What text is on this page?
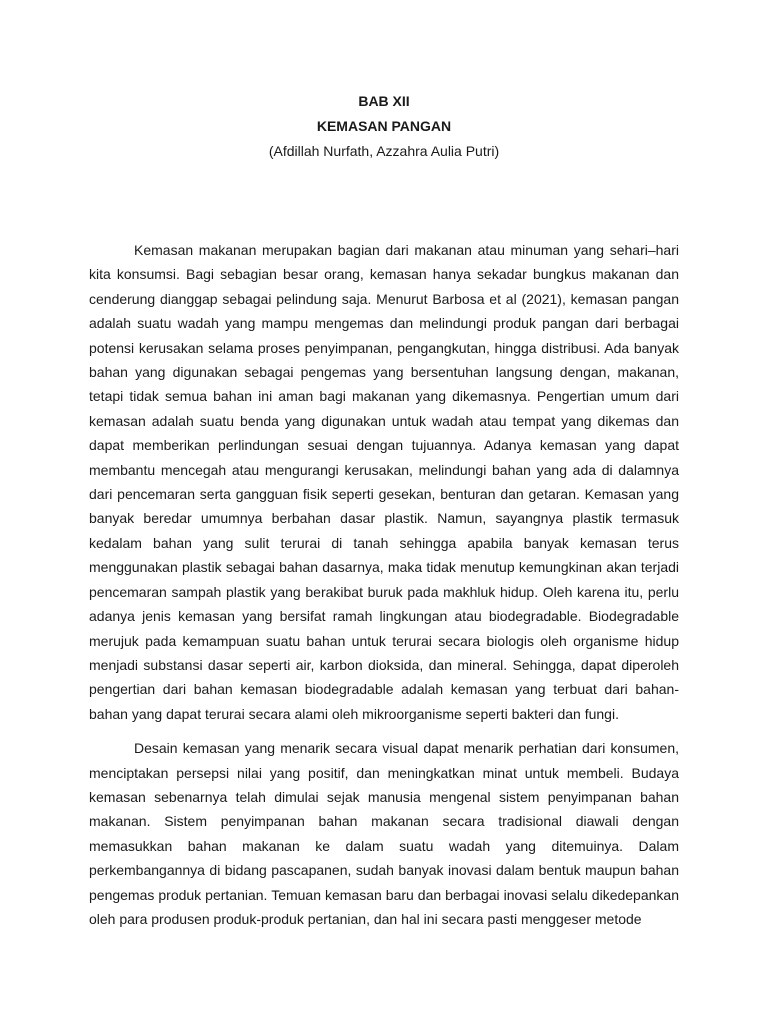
BAB XII

KEMASAN PANGAN

(Afdillah Nurfath, Azzahra Aulia Putri)

Kemasan makanan merupakan bagian dari makanan atau minuman yang sehari–hari kita konsumsi. Bagi sebagian besar orang, kemasan hanya sekadar bungkus makanan dan cenderung dianggap sebagai pelindung saja. Menurut Barbosa et al (2021), kemasan pangan adalah suatu wadah yang mampu mengemas dan melindungi produk pangan dari berbagai potensi kerusakan selama proses penyimpanan, pengangkutan, hingga distribusi. Ada banyak bahan yang digunakan sebagai pengemas yang bersentuhan langsung dengan, makanan, tetapi tidak semua bahan ini aman bagi makanan yang dikemasnya. Pengertian umum dari kemasan adalah suatu benda yang digunakan untuk wadah atau tempat yang dikemas dan dapat memberikan perlindungan sesuai dengan tujuannya. Adanya kemasan yang dapat membantu mencegah atau mengurangi kerusakan, melindungi bahan yang ada di dalamnya dari pencemaran serta gangguan fisik seperti gesekan, benturan dan getaran. Kemasan yang banyak beredar umumnya berbahan dasar plastik. Namun, sayangnya plastik termasuk kedalam bahan yang sulit terurai di tanah sehingga apabila banyak kemasan terus menggunakan plastik sebagai bahan dasarnya, maka tidak menutup kemungkinan akan terjadi pencemaran sampah plastik yang berakibat buruk pada makhluk hidup. Oleh karena itu, perlu adanya jenis kemasan yang bersifat ramah lingkungan atau biodegradable. Biodegradable merujuk pada kemampuan suatu bahan untuk terurai secara biologis oleh organisme hidup menjadi substansi dasar seperti air, karbon dioksida, dan mineral. Sehingga, dapat diperoleh pengertian dari bahan kemasan biodegradable adalah kemasan yang terbuat dari bahan-bahan yang dapat terurai secara alami oleh mikroorganisme seperti bakteri dan fungi.

Desain kemasan yang menarik secara visual dapat menarik perhatian dari konsumen, menciptakan persepsi nilai yang positif, dan meningkatkan minat untuk membeli. Budaya kemasan sebenarnya telah dimulai sejak manusia mengenal sistem penyimpanan bahan makanan. Sistem penyimpanan bahan makanan secara tradisional diawali dengan memasukkan bahan makanan ke dalam suatu wadah yang ditemuinya. Dalam perkembangannya di bidang pascapanen, sudah banyak inovasi dalam bentuk maupun bahan pengemas produk pertanian. Temuan kemasan baru dan berbagai inovasi selalu dikedepankan oleh para produsen produk-produk pertanian, dan hal ini secara pasti menggeser metode
